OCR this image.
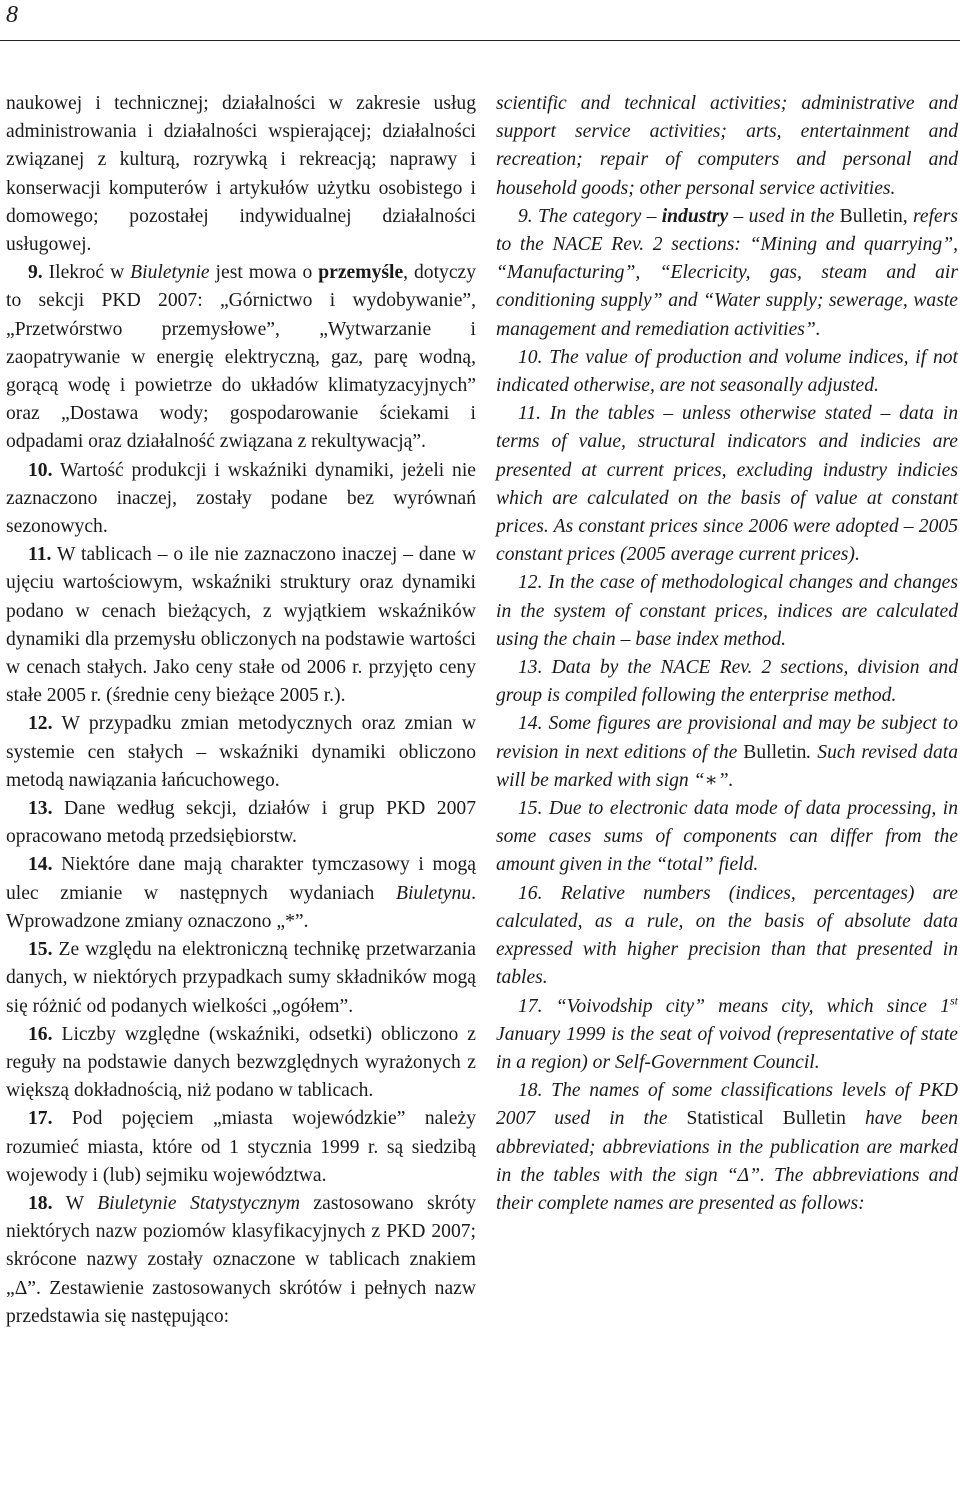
8

naukowej i technicznej; działalności w zakresie usług administrowania i działalności wspierającej; działalności związanej z kulturą, rozrywką i rekreacją; naprawy i konserwacji komputerów i artykułów użytku osobistego i domowego; pozostałej indywidualnej działalności usługowej.

9. Ilekroć w Biuletynie jest mowa o przemyśle, dotyczy to sekcji PKD 2007: „Górnictwo i wydobywanie”, „Przetwórstwo przemysłowe”, „Wytwarzanie i zaopatrywanie w energię elektryczną, gaz, parę wodną, gorącą wodę i powietrze do układów klimatyzacyjnych” oraz „Dostawa wody; gospodarowanie ściekami i odpadami oraz działalność związana z rekultywacją”.

10. Wartość produkcji i wskaźniki dynamiki, jeżeli nie zaznaczono inaczej, zostały podane bez wyrównań sezonowych.

11. W tablicach – o ile nie zaznaczono inaczej – dane w ujęciu wartościowym, wskaźniki struktury oraz dynamiki podano w cenach bieżących, z wyjątkiem wskaźników dynamiki dla przemysłu obliczonych na podstawie wartości w cenach stałych. Jako ceny stałe od 2006 r. przyjęto ceny stałe 2005 r. (średnie ceny bieżące 2005 r.).

12. W przypadku zmian metodycznych oraz zmian w systemie cen stałych – wskaźniki dynamiki obliczono metodą nawiązania łańcuchowego.

13. Dane według sekcji, działów i grup PKD 2007 opracowano metodą przedsiębiorstw.

14. Niektóre dane mają charakter tymczasowy i mogą ulec zmianie w następnych wydaniach Biuletynu. Wprowadzone zmiany oznaczono „*”.

15. Ze względu na elektroniczną technikę przetwarzania danych, w niektórych przypadkach sumy składników mogą się różnić od podanych wielkości „ogółem”.

16. Liczby względne (wskaźniki, odsetki) obliczono z reguły na podstawie danych bezwzględnych wyrażonych z większą dokładnością, niż podano w tablicach.

17. Pod pojęciem „miasta wojewódzkie” należy rozumieć miasta, które od 1 stycznia 1999 r. są siedzibą wojewody i (lub) sejmiku województwa.

18. W Biuletynie Statystycznym zastosowano skróty niektórych nazw poziomów klasyfikacyjnych z PKD 2007; skrócone nazwy zostały oznaczone w tablicach znakiem „Δ”. Zestawienie zastosowanych skrótów i pełnych nazw przedstawia się następująco:

scientific and technical activities; administrative and support service activities; arts, entertainment and recreation; repair of computers and personal and household goods; other personal service activities.

9. The category – industry – used in the Bulletin, refers to the NACE Rev. 2 sections: “Mining and quarrying”, “Manufacturing”, “Elecricity, gas, steam and air conditioning supply” and “Water supply; sewerage, waste management and remediation activities”.

10. The value of production and volume indices, if not indicated otherwise, are not seasonally adjusted.

11. In the tables – unless otherwise stated – data in terms of value, structural indicators and indicies are presented at current prices, excluding industry indicies which are calculated on the basis of value at constant prices. As constant prices since 2006 were adopted – 2005 constant prices (2005 average current prices).

12. In the case of methodological changes and changes in the system of constant prices, indices are calculated using the chain – base index method.

13. Data by the NACE Rev. 2 sections, division and group is compiled following the enterprise method.

14. Some figures are provisional and may be subject to revision in next editions of the Bulletin. Such revised data will be marked with sign “∗”.

15. Due to electronic data mode of data processing, in some cases sums of components can differ from the amount given in the “total” field.

16. Relative numbers (indices, percentages) are calculated, as a rule, on the basis of absolute data expressed with higher precision than that presented in tables.

17. “Voivodship city” means city, which since 1st January 1999 is the seat of voivod (representative of state in a region) or Self-Government Council.

18. The names of some classifications levels of PKD 2007 used in the Statistical Bulletin have been abbreviated; abbreviations in the publication are marked in the tables with the sign “Δ”. The abbreviations and their complete names are presented as follows:
